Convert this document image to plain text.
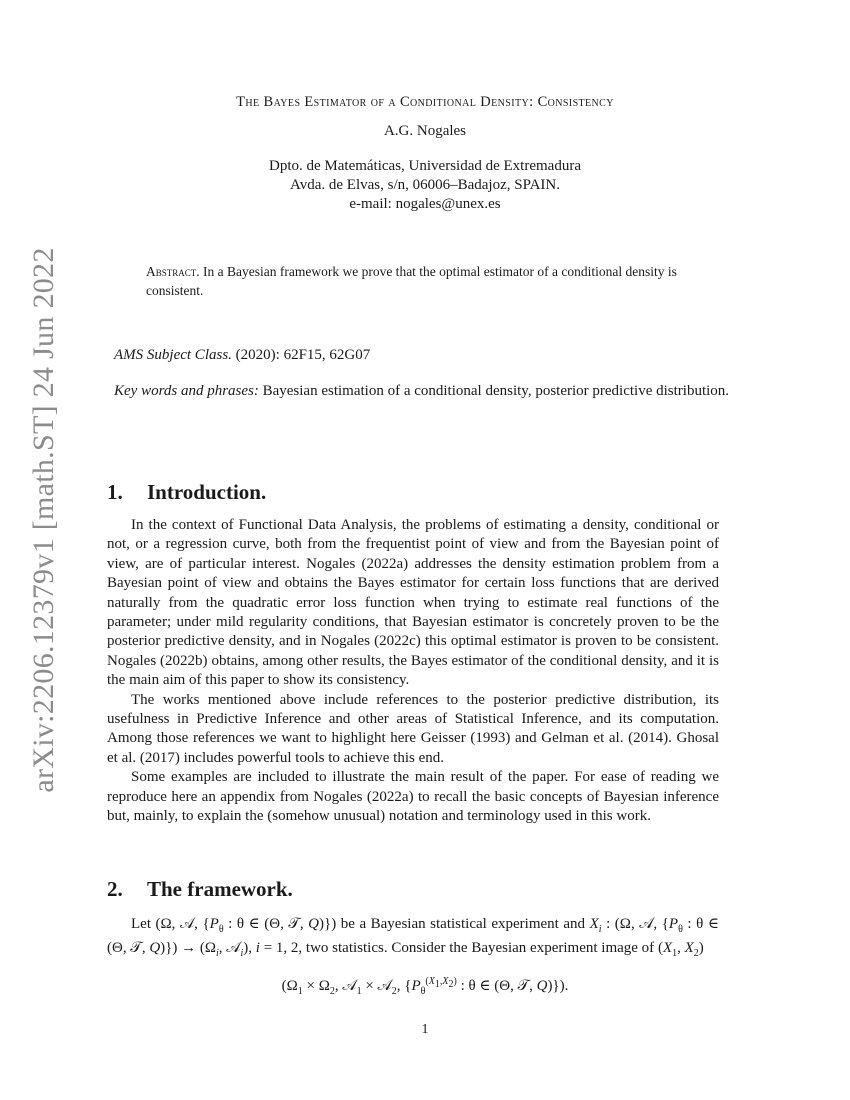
arXiv:2206.12379v1 [math.ST] 24 Jun 2022
The Bayes Estimator of a Conditional Density: Consistency
A.G. Nogales
Dpto. de Matemáticas, Universidad de Extremadura
Avda. de Elvas, s/n, 06006–Badajoz, SPAIN.
e-mail: nogales@unex.es
Abstract. In a Bayesian framework we prove that the optimal estimator of a conditional density is consistent.
AMS Subject Class. (2020): 62F15, 62G07
Key words and phrases: Bayesian estimation of a conditional density, posterior predictive distribution.
1. Introduction.

In the context of Functional Data Analysis, the problems of estimating a density, conditional or not, or a regression curve, both from the frequentist point of view and from the Bayesian point of view, are of particular interest. Nogales (2022a) addresses the density estimation problem from a Bayesian point of view and obtains the Bayes estimator for certain loss functions that are derived naturally from the quadratic error loss function when trying to estimate real functions of the parameter; under mild regularity conditions, that Bayesian estimator is concretely proven to be the posterior predictive density, and in Nogales (2022c) this optimal estimator is proven to be consistent. Nogales (2022b) obtains, among other results, the Bayes estimator of the conditional density, and it is the main aim of this paper to show its consistency.

The works mentioned above include references to the posterior predictive distribution, its usefulness in Predictive Inference and other areas of Statistical Inference, and its computation. Among those references we want to highlight here Geisser (1993) and Gelman et al. (2014). Ghosal et al. (2017) includes powerful tools to achieve this end.

Some examples are included to illustrate the main result of the paper. For ease of reading we reproduce here an appendix from Nogales (2022a) to recall the basic concepts of Bayesian inference but, mainly, to explain the (somehow unusual) notation and terminology used in this work.

2. The framework.

Let (Ω, 𝒜, {$P_\theta$ : θ ∈ (Θ, 𝒯, Q)}) be a Bayesian statistical experiment and $X_i$ : (Ω, 𝒜, {$P_\theta$ : θ ∈ (Θ, 𝒯, $Q)\}) \to (\Omega_i$, 𝒜$_i$), i = 1, 2, two statistics. Consider the Bayesian experiment image of ($X_1$, $X_2$)

($\Omega_1 \times \Omega_2$, 𝒜$_1$ × 𝒜$_2$, {$P_\theta^{(X_1,X_2)}$ : θ ∈ (Θ, 𝒯, Q)}).
1
